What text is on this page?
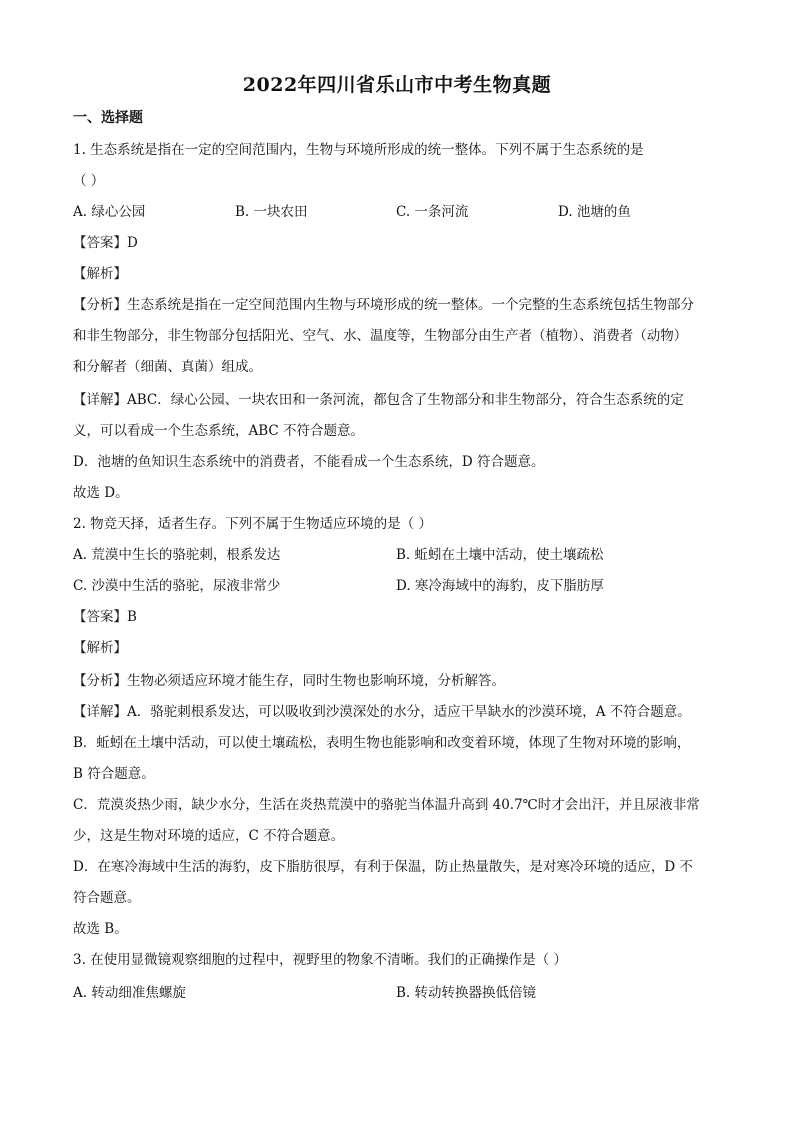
2022年四川省乐山市中考生物真题
一、选择题
1. 生态系统是指在一定的空间范围内，生物与环境所形成的统一整体。下列不属于生态系统的是
（ ）
A. 绿心公园	B. 一块农田	C. 一条河流	D. 池塘的鱼
【答案】D
【解析】
【分析】生态系统是指在一定空间范围内生物与环境形成的统一整体。一个完整的生态系统包括生物部分
和非生物部分，非生物部分包括阳光、空气、水、温度等，生物部分由生产者（植物）、消费者（动物）
和分解者（细菌、真菌）组成。
【详解】ABC．绿心公园、一块农田和一条河流，都包含了生物部分和非生物部分，符合生态系统的定
义，可以看成一个生态系统，ABC 不符合题意。
D．池塘的鱼知识生态系统中的消费者，不能看成一个生态系统，D 符合题意。
故选 D。
2. 物竞天择，适者生存。下列不属于生物适应环境的是（ ）
A. 荒漠中生长的骆驼刺，根系发达	B. 蚯蚓在土壤中活动，使土壤疏松
C. 沙漠中生活的骆驼，尿液非常少	D. 寒冷海域中的海豹，皮下脂肪厚
【答案】B
【解析】
【分析】生物必须适应环境才能生存，同时生物也影响环境，分析解答。
【详解】A．骆驼刺根系发达，可以吸收到沙漠深处的水分，适应干旱缺水的沙漠环境，A 不符合题意。
B．蚯蚓在土壤中活动，可以使土壤疏松，表明生物也能影响和改变着环境，体现了生物对环境的影响，
B 符合题意。
C．荒漠炎热少雨，缺少水分，生活在炎热荒漠中的骆驼当体温升高到 40.7℃时才会出汗，并且尿液非常
少，这是生物对环境的适应，C 不符合题意。
D．在寒冷海域中生活的海豹，皮下脂肪很厚，有利于保温，防止热量散失，是对寒冷环境的适应，D 不
符合题意。
故选 B。
3. 在使用显微镜观察细胞的过程中，视野里的物象不清晰。我们的正确操作是（ ）
A. 转动细准焦螺旋	B. 转动转换器换低倍镜
